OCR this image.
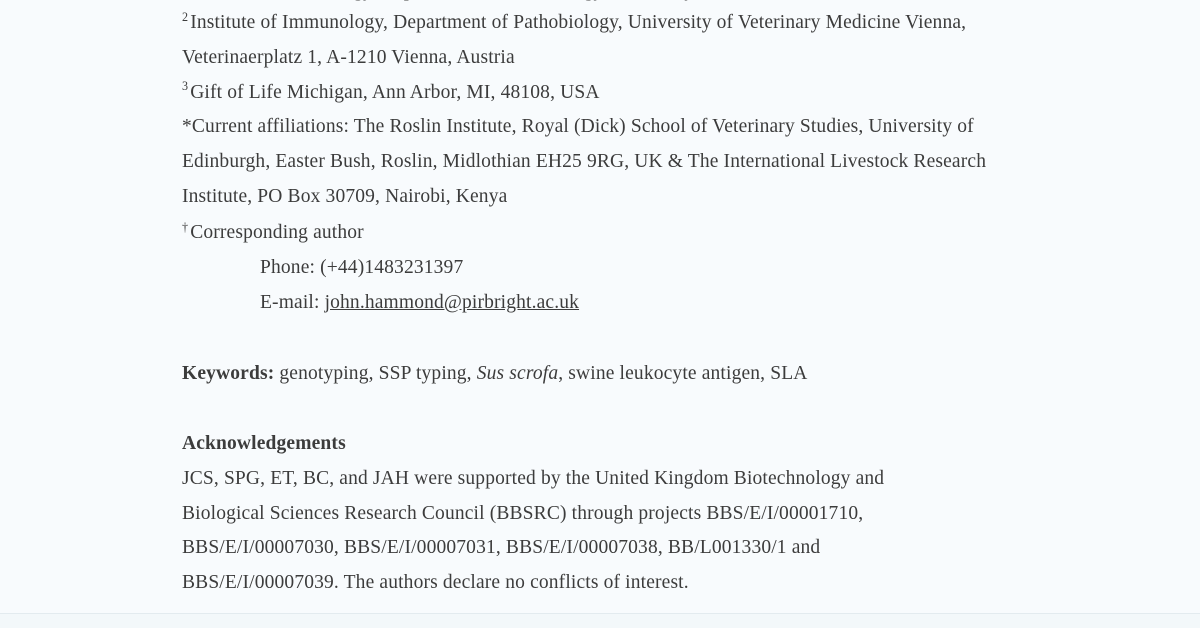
$^2$ Institute of Immunology, Department of Pathobiology, University of Veterinary Medicine Vienna,
Veterinaerplatz 1, A-1210 Vienna, Austria
$^3$ Gift of Life Michigan, Ann Arbor, MI, 48108, USA
*Current affiliations: The Roslin Institute, Royal (Dick) School of Veterinary Studies, University of
Edinburgh, Easter Bush, Roslin, Midlothian EH25 9RG, UK & The International Livestock Research
Institute, PO Box 30709, Nairobi, Kenya
† Corresponding author
Phone: (+44)1483231397
E-mail: john.hammond@pirbright.ac.uk
Keywords: genotyping, SSP typing, Sus scrofa, swine leukocyte antigen, SLA
Acknowledgements
JCS, SPG, ET, BC, and JAH were supported by the United Kingdom Biotechnology and
Biological Sciences Research Council (BBSRC) through projects BBS/E/I/00001710,
BBS/E/I/00007030, BBS/E/I/00007031, BBS/E/I/00007038, BB/L001330/1 and
BBS/E/I/00007039. The authors declare no conflicts of interest.
